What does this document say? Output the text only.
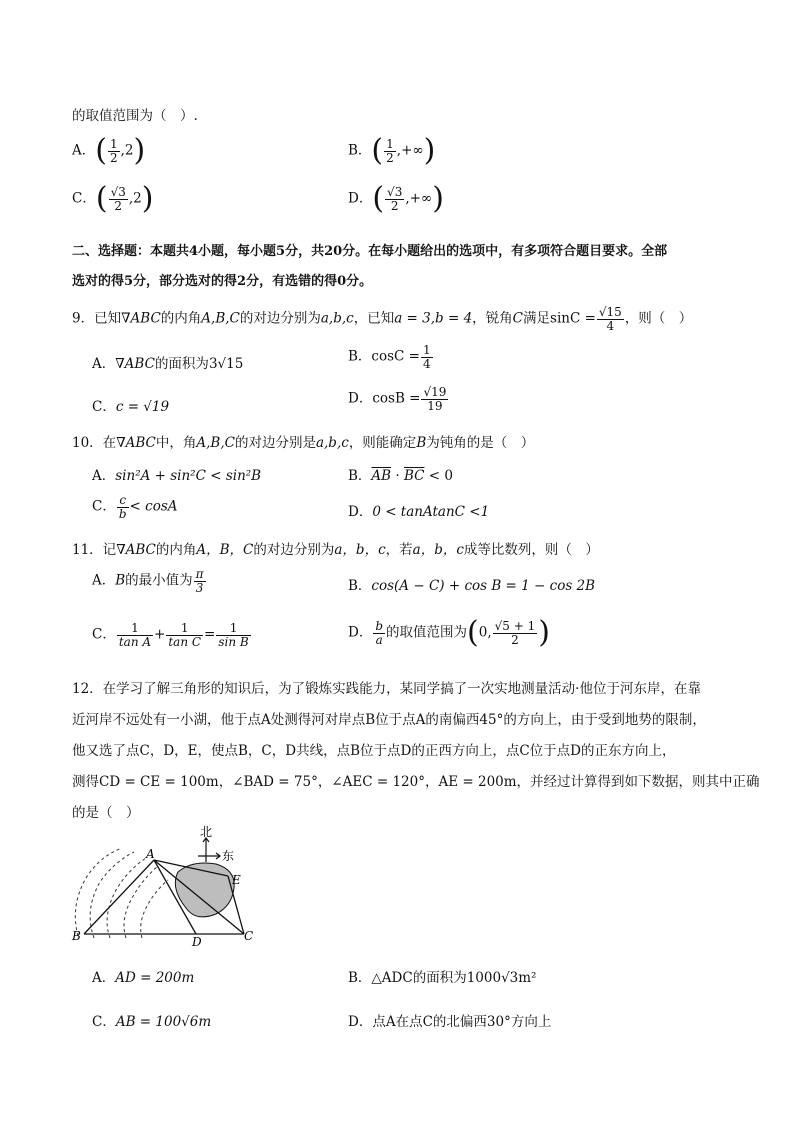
的取值范围为（　）.
A．( $\frac{1}{2} ,2$)	B．( $\frac{1}{2}$ ,+∞)
C．( $\frac{√3}{2} ,2$)	D．( $\frac{√3}{2}$ ,+∞)
二、选择题：本题共4小题，每小题5分，共20分。在每小题给出的选项中，有多项符合题目要求。全部
选对的得5分，部分选对的得2分，有选错的得0分。
9．已知∇ABC的内角A,B,C的对边分别为a,b,c，已知a = 3,b = 4，锐角C满足$\sin C = \frac{√15}{4}$ ，则（　）
A．∇ABC的面积为3√15	B．$\cos C = \frac{1}{4}$
C．c = √19
D．$\cos B = \frac{√19}{19}$
10．在∇ABC中，角A,B,C的对边分别是a,b,c，则能确定B为钝角的是（　）
A．sin²A + sin²C < sin²B	B．$\overline{AB} \cdot \overline{BC} < 0$
C． $\frac{c}{b} < \cos A$	D．0 < tanAtanC <1
11．记∇ABC的内角A，B，C的对边分别为a，b，c，若a，b，c成等比数列，则（　）
A．B的最小值为 $\frac{\pi}{3}$	B．cos(A − C) + cos B = 1 − cos 2B
C． $\frac{1}{\text{tan A}} + \frac{1}{\text{tan C}} = \frac{1}{\text{sin B}}$	D． $\frac{b}{a}$ 的取值范围为(0, $\frac{√5 + 1}{2}$ )
12．在学习了解三角形的知识后，为了锻炼实践能力，某同学搞了一次实地测量活动·他位于河东岸，在靠
近河岸不远处有一小湖，他于点A处测得河对岸点B位于点A的南偏西45°的方向上，由于受到地势的限制，
他又选了点C，D，E，使点B，C，D共线，点B位于点D的正西方向上，点C位于点D的正东方向上，
测得CD = CE = 100m，∠BAD = 75°，∠AEC = 120°，AE = 200m，并经过计算得到如下数据，则其中正确
的是（　）
北
东
A
B	C
D
E
A．AD = 200m	B．△ADC的面积为1000√3m²
C．AB = 100√6m	D．点A在点C的北偏西30°方向上
